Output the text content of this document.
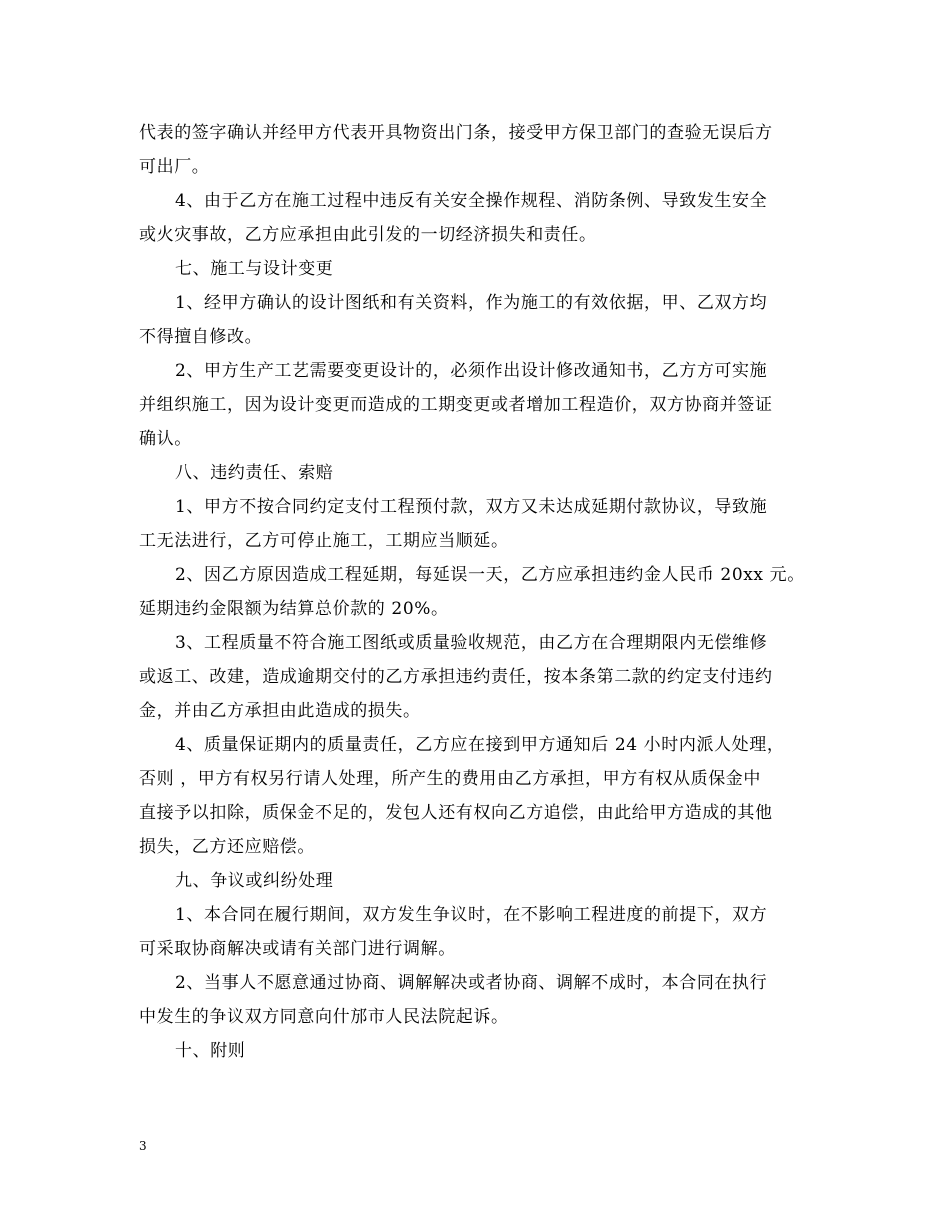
代表的签字确认并经甲方代表开具物资出门条，接受甲方保卫部门的查验无误后方
可出厂。
4、由于乙方在施工过程中违反有关安全操作规程、消防条例、导致发生安全
或火灾事故，乙方应承担由此引发的一切经济损失和责任。
七、施工与设计变更
1、经甲方确认的设计图纸和有关资料，作为施工的有效依据，甲、乙双方均
不得擅自修改。
2、甲方生产工艺需要变更设计的，必须作出设计修改通知书，乙方方可实施
并组织施工，因为设计变更而造成的工期变更或者增加工程造价，双方协商并签证
确认。
八、违约责任、索赔
1、甲方不按合同约定支付工程预付款，双方又未达成延期付款协议，导致施
工无法进行，乙方可停止施工，工期应当顺延。
2、因乙方原因造成工程延期，每延误一天，乙方应承担违约金人民币 20xx 元。
延期违约金限额为结算总价款的 20%。
3、工程质量不符合施工图纸或质量验收规范，由乙方在合理期限内无偿维修
或返工、改建，造成逾期交付的乙方承担违约责任，按本条第二款的约定支付违约
金，并由乙方承担由此造成的损失。
4、质量保证期内的质量责任，乙方应在接到甲方通知后 24 小时内派人处理，
否则 ，甲方有权另行请人处理，所产生的费用由乙方承担，甲方有权从质保金中
直接予以扣除，质保金不足的，发包人还有权向乙方追偿，由此给甲方造成的其他
损失，乙方还应赔偿。
九、争议或纠纷处理
1、本合同在履行期间，双方发生争议时，在不影响工程进度的前提下，双方
可采取协商解决或请有关部门进行调解。
2、当事人不愿意通过协商、调解解决或者协商、调解不成时，本合同在执行
中发生的争议双方同意向什邡市人民法院起诉。
十、附则
3
